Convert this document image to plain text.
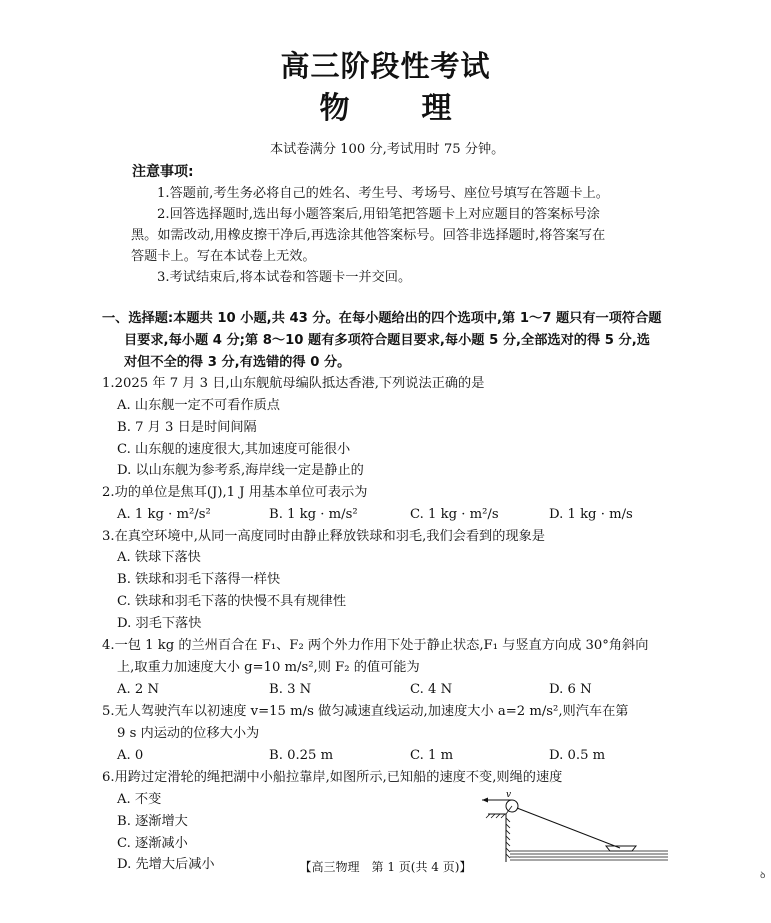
高三阶段性考试
物 理
本试卷满分 100 分,考试用时 75 分钟。
注意事项:
1.答题前,考生务必将自己的姓名、考生号、考场号、座位号填写在答题卡上。
2.回答选择题时,选出每小题答案后,用铅笔把答题卡上对应题目的答案标号涂
黑。如需改动,用橡皮擦干净后,再选涂其他答案标号。回答非选择题时,将答案写在
答题卡上。写在本试卷上无效。
3.考试结束后,将本试卷和答题卡一并交回。
一、选择题:本题共 10 小题,共 43 分。在每小题给出的四个选项中,第 1～7 题只有一项符合题
目要求,每小题 4 分;第 8～10 题有多项符合题目要求,每小题 5 分,全部选对的得 5 分,选
对但不全的得 3 分,有选错的得 0 分。
1.2025 年 7 月 3 日,山东舰航母编队抵达香港,下列说法正确的是
A. 山东舰一定不可看作质点
B. 7 月 3 日是时间间隔
C. 山东舰的速度很大,其加速度可能很小
D. 以山东舰为参考系,海岸线一定是静止的
2.功的单位是焦耳(J),1 J 用基本单位可表示为
A. 1 kg · m²/s²	B. 1 kg · m/s²	C. 1 kg · m²/s	D. 1 kg · m/s
3.在真空环境中,从同一高度同时由静止释放铁球和羽毛,我们会看到的现象是
A. 铁球下落快
B. 铁球和羽毛下落得一样快
C. 铁球和羽毛下落的快慢不具有规律性
D. 羽毛下落快
4.一包 1 kg 的兰州百合在 F₁、F₂ 两个外力作用下处于静止状态,F₁ 与竖直方向成 30°角斜向
上,取重力加速度大小 g=10 m/s²,则 F₂ 的值可能为
A. 2 N	B. 3 N	C. 4 N	D. 6 N
5.无人驾驶汽车以初速度 v=15 m/s 做匀减速直线运动,加速度大小 a=2 m/s²,则汽车在第
9 s 内运动的位移大小为
A. 0	B. 0.25 m	C. 1 m	D. 0.5 m
6.用跨过定滑轮的绳把湖中小船拉靠岸,如图所示,已知船的速度不变,则绳的速度
A. 不变
B. 逐渐增大
C. 逐渐减小
D. 先增大后减小
v
【高三物理　第 1 页(共 4 页)】
ꝺ
